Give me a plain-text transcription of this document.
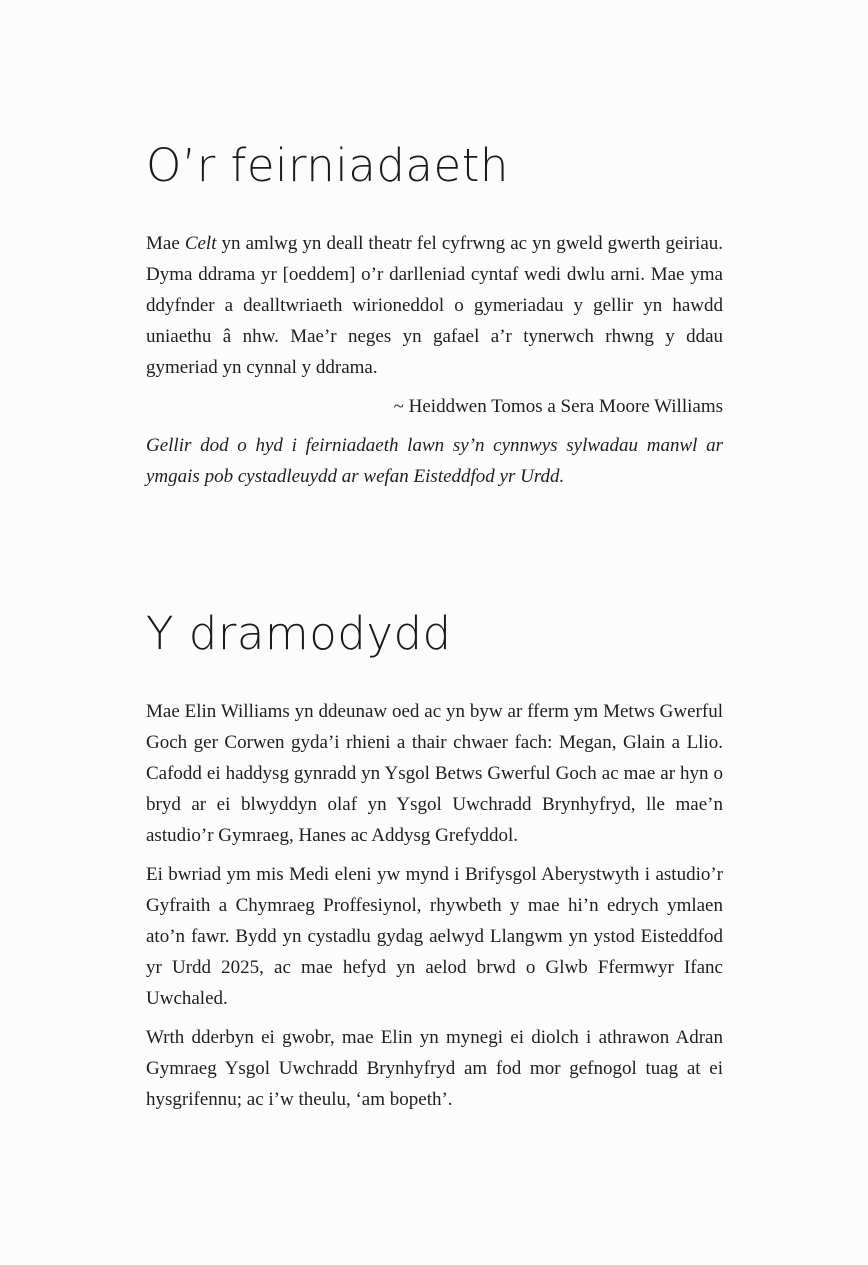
O’r feirniadaeth

Mae Celt yn amlwg yn deall theatr fel cyfrwng ac yn gweld gwerth geiriau. Dyma ddrama yr [oeddem] o’r darlleniad cyntaf wedi dwlu arni. Mae yma ddyfnder a dealltwriaeth wirioneddol o gymeriadau y gellir yn hawdd uniaethu â nhw. Mae’r neges yn gafael a’r tynerwch rhwng y ddau gymeriad yn cynnal y ddrama.

~ Heiddwen Tomos a Sera Moore Williams

Gellir dod o hyd i feirniadaeth lawn sy’n cynnwys sylwadau manwl ar ymgais pob cystadleuydd ar wefan Eisteddfod yr Urdd.

Y dramodydd

Mae Elin Williams yn ddeunaw oed ac yn byw ar fferm ym Metws Gwerful Goch ger Corwen gyda’i rhieni a thair chwaer fach: Megan, Glain a Llio. Cafodd ei haddysg gynradd yn Ysgol Betws Gwerful Goch ac mae ar hyn o bryd ar ei blwyddyn olaf yn Ysgol Uwchradd Brynhyfryd, lle mae’n astudio’r Gymraeg, Hanes ac Addysg Grefyddol.

Ei bwriad ym mis Medi eleni yw mynd i Brifysgol Aberystwyth i astudio’r Gyfraith a Chymraeg Proffesiynol, rhywbeth y mae hi’n edrych ymlaen ato’n fawr. Bydd yn cystadlu gydag aelwyd Llangwm yn ystod Eisteddfod yr Urdd 2025, ac mae hefyd yn aelod brwd o Glwb Ffermwyr Ifanc Uwchaled.

Wrth dderbyn ei gwobr, mae Elin yn mynegi ei diolch i athrawon Adran Gymraeg Ysgol Uwchradd Brynhyfryd am fod mor gefnogol tuag at ei hysgrifennu; ac i’w theulu, ‘am bopeth’.
